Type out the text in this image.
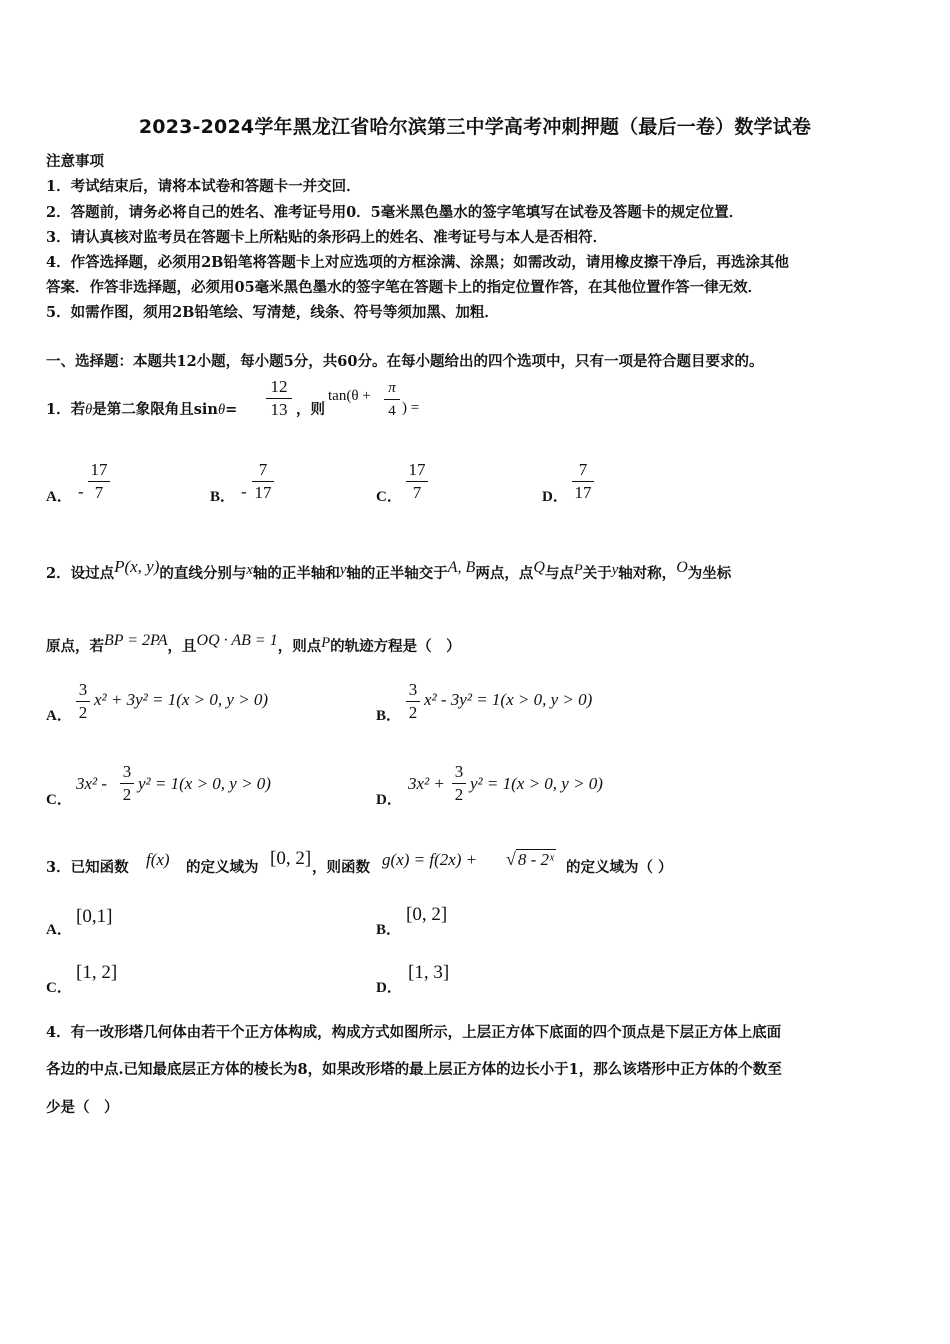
2023-2024学年黑龙江省哈尔滨第三中学高考冲刺押题（最后一卷）数学试卷
注意事项
1．考试结束后，请将本试卷和答题卡一并交回．
2．答题前，请务必将自己的姓名、准考证号用0．5毫米黑色墨水的签字笔填写在试卷及答题卡的规定位置．
3．请认真核对监考员在答题卡上所粘贴的条形码上的姓名、准考证号与本人是否相符．
4．作答选择题，必须用2B铅笔将答题卡上对应选项的方框涂满、涂黑；如需改动，请用橡皮擦干净后，再选涂其他
答案．作答非选择题，必须用05毫米黑色墨水的签字笔在答题卡上的指定位置作答，在其他位置作答一律无效．
5．如需作图，须用2B铅笔绘、写清楚，线条、符号等须加黑、加粗．
一、选择题：本题共12小题，每小题5分，共60分。在每小题给出的四个选项中，只有一项是符合题目要求的。
1．若θ是第二象限角且sinθ=
12
13 ，则
tan(θ + π
4 ) =
A． -
17
7	B． -
7
17	C．
17
7	D．
7
17
2．设过点P(x, y)的直线分别与x轴的正半轴和y轴的正半轴交于A, B两点，点Q与点P关于y轴对称，O为坐标
原点，若BP = 2PA，且OQ · AB = 1，则点P的轨迹方程是（　）
A．
3
2
x² + 3y² = 1(x > 0, y > 0)
B．
3
2
x² - 3y² = 1(x > 0, y > 0)
C．
3x² -
3
2
y² = 1(x > 0, y > 0)
D．
3x² +
3
2
y² = 1(x > 0, y > 0)
3．已知函数 f(x) 的定义域为 [0, 2] ，则函数 g(x) = f(2x) + √ 8 - 2ˣ 的定义域为（ ）
A．
[0,1]
B．
[0, 2]
C．
[1, 2]
D．
[1, 3]
4．有一改形塔几何体由若干个正方体构成，构成方式如图所示，上层正方体下底面的四个顶点是下层正方体上底面
各边的中点.已知最底层正方体的棱长为8，如果改形塔的最上层正方体的边长小于1，那么该塔形中正方体的个数至
少是（　）
